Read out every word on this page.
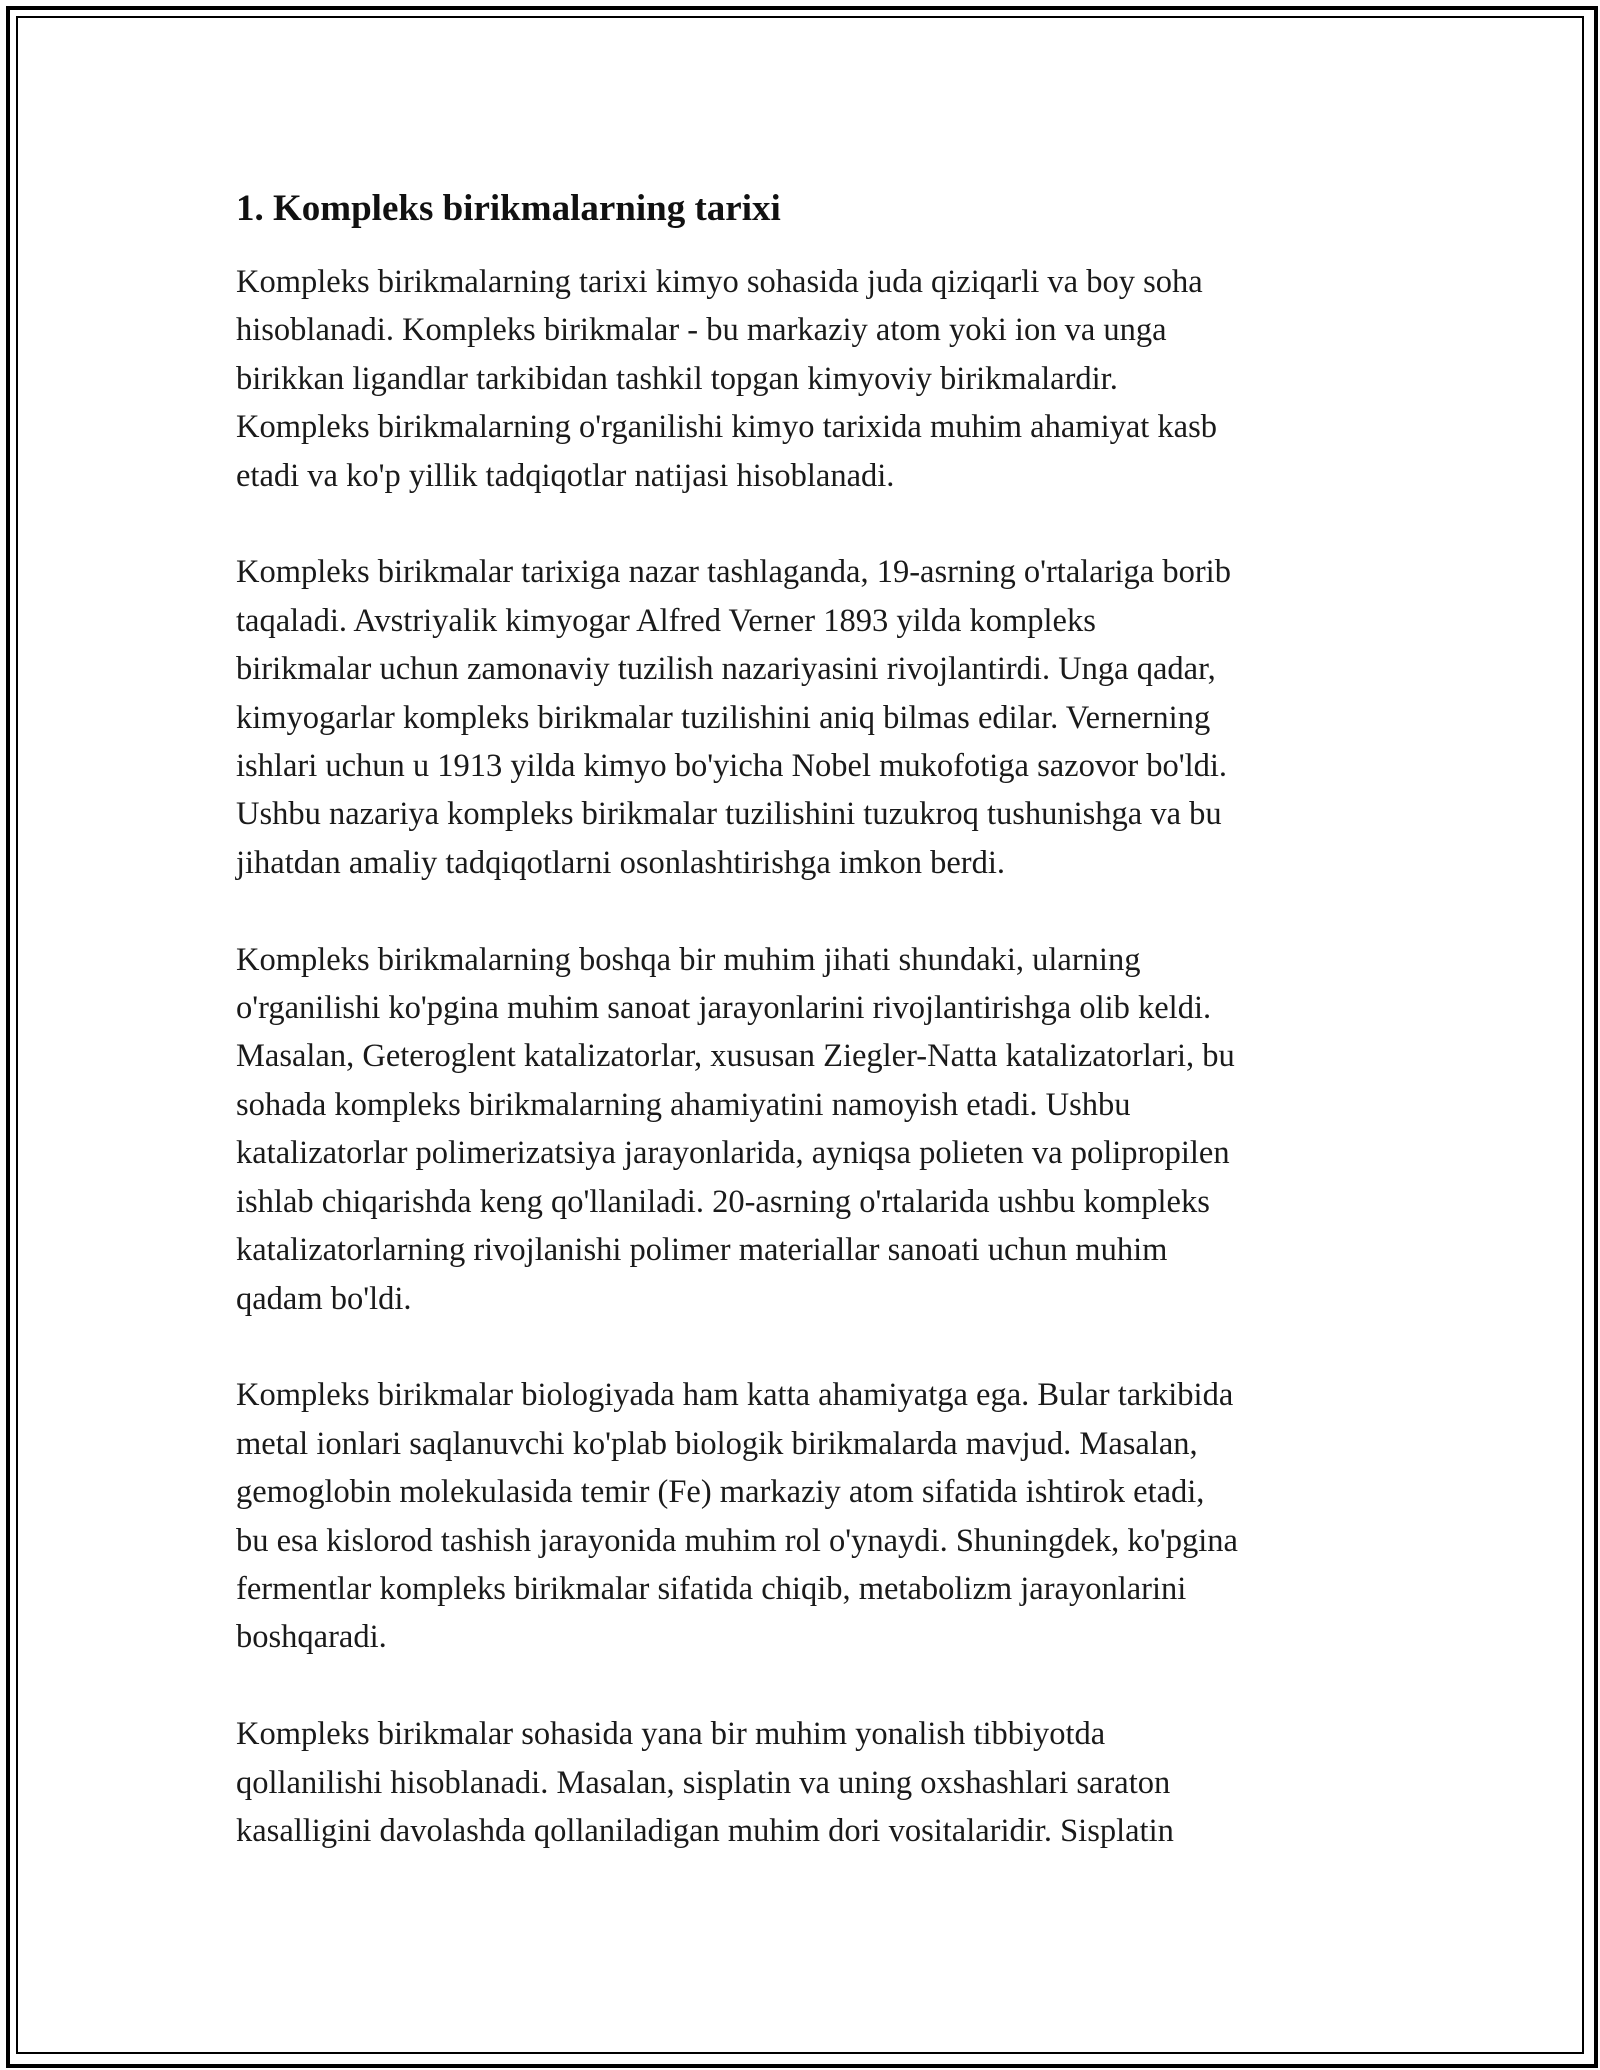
1. Kompleks birikmalarning tarixi
Kompleks birikmalarning tarixi kimyo sohasida juda qiziqarli va boy soha
hisoblanadi. Kompleks birikmalar - bu markaziy atom yoki ion va unga
birikkan ligandlar tarkibidan tashkil topgan kimyoviy birikmalardir.
Kompleks birikmalarning o'rganilishi kimyo tarixida muhim ahamiyat kasb
etadi va ko'p yillik tadqiqotlar natijasi hisoblanadi.
Kompleks birikmalar tarixiga nazar tashlaganda, 19-asrning o'rtalariga borib
taqaladi. Avstriyalik kimyogar Alfred Verner 1893 yilda kompleks
birikmalar uchun zamonaviy tuzilish nazariyasini rivojlantirdi. Unga qadar,
kimyogarlar kompleks birikmalar tuzilishini aniq bilmas edilar. Vernerning
ishlari uchun u 1913 yilda kimyo bo'yicha Nobel mukofotiga sazovor bo'ldi.
Ushbu nazariya kompleks birikmalar tuzilishini tuzukroq tushunishga va bu
jihatdan amaliy tadqiqotlarni osonlashtirishga imkon berdi.
Kompleks birikmalarning boshqa bir muhim jihati shundaki, ularning
o'rganilishi ko'pgina muhim sanoat jarayonlarini rivojlantirishga olib keldi.
Masalan, Geteroglent katalizatorlar, xususan Ziegler-Natta katalizatorlari, bu
sohada kompleks birikmalarning ahamiyatini namoyish etadi. Ushbu
katalizatorlar polimerizatsiya jarayonlarida, ayniqsa polieten va polipropilen
ishlab chiqarishda keng qo'llaniladi. 20-asrning o'rtalarida ushbu kompleks
katalizatorlarning rivojlanishi polimer materiallar sanoati uchun muhim
qadam bo'ldi.
Kompleks birikmalar biologiyada ham katta ahamiyatga ega. Bular tarkibida
metal ionlari saqlanuvchi ko'plab biologik birikmalarda mavjud. Masalan,
gemoglobin molekulasida temir (Fe) markaziy atom sifatida ishtirok etadi,
bu esa kislorod tashish jarayonida muhim rol o'ynaydi. Shuningdek, ko'pgina
fermentlar kompleks birikmalar sifatida chiqib, metabolizm jarayonlarini
boshqaradi.
Kompleks birikmalar sohasida yana bir muhim yonalish tibbiyotda
qollanilishi hisoblanadi. Masalan, sisplatin va uning oxshashlari saraton
kasalligini davolashda qollaniladigan muhim dori vositalaridir. Sisplatin
